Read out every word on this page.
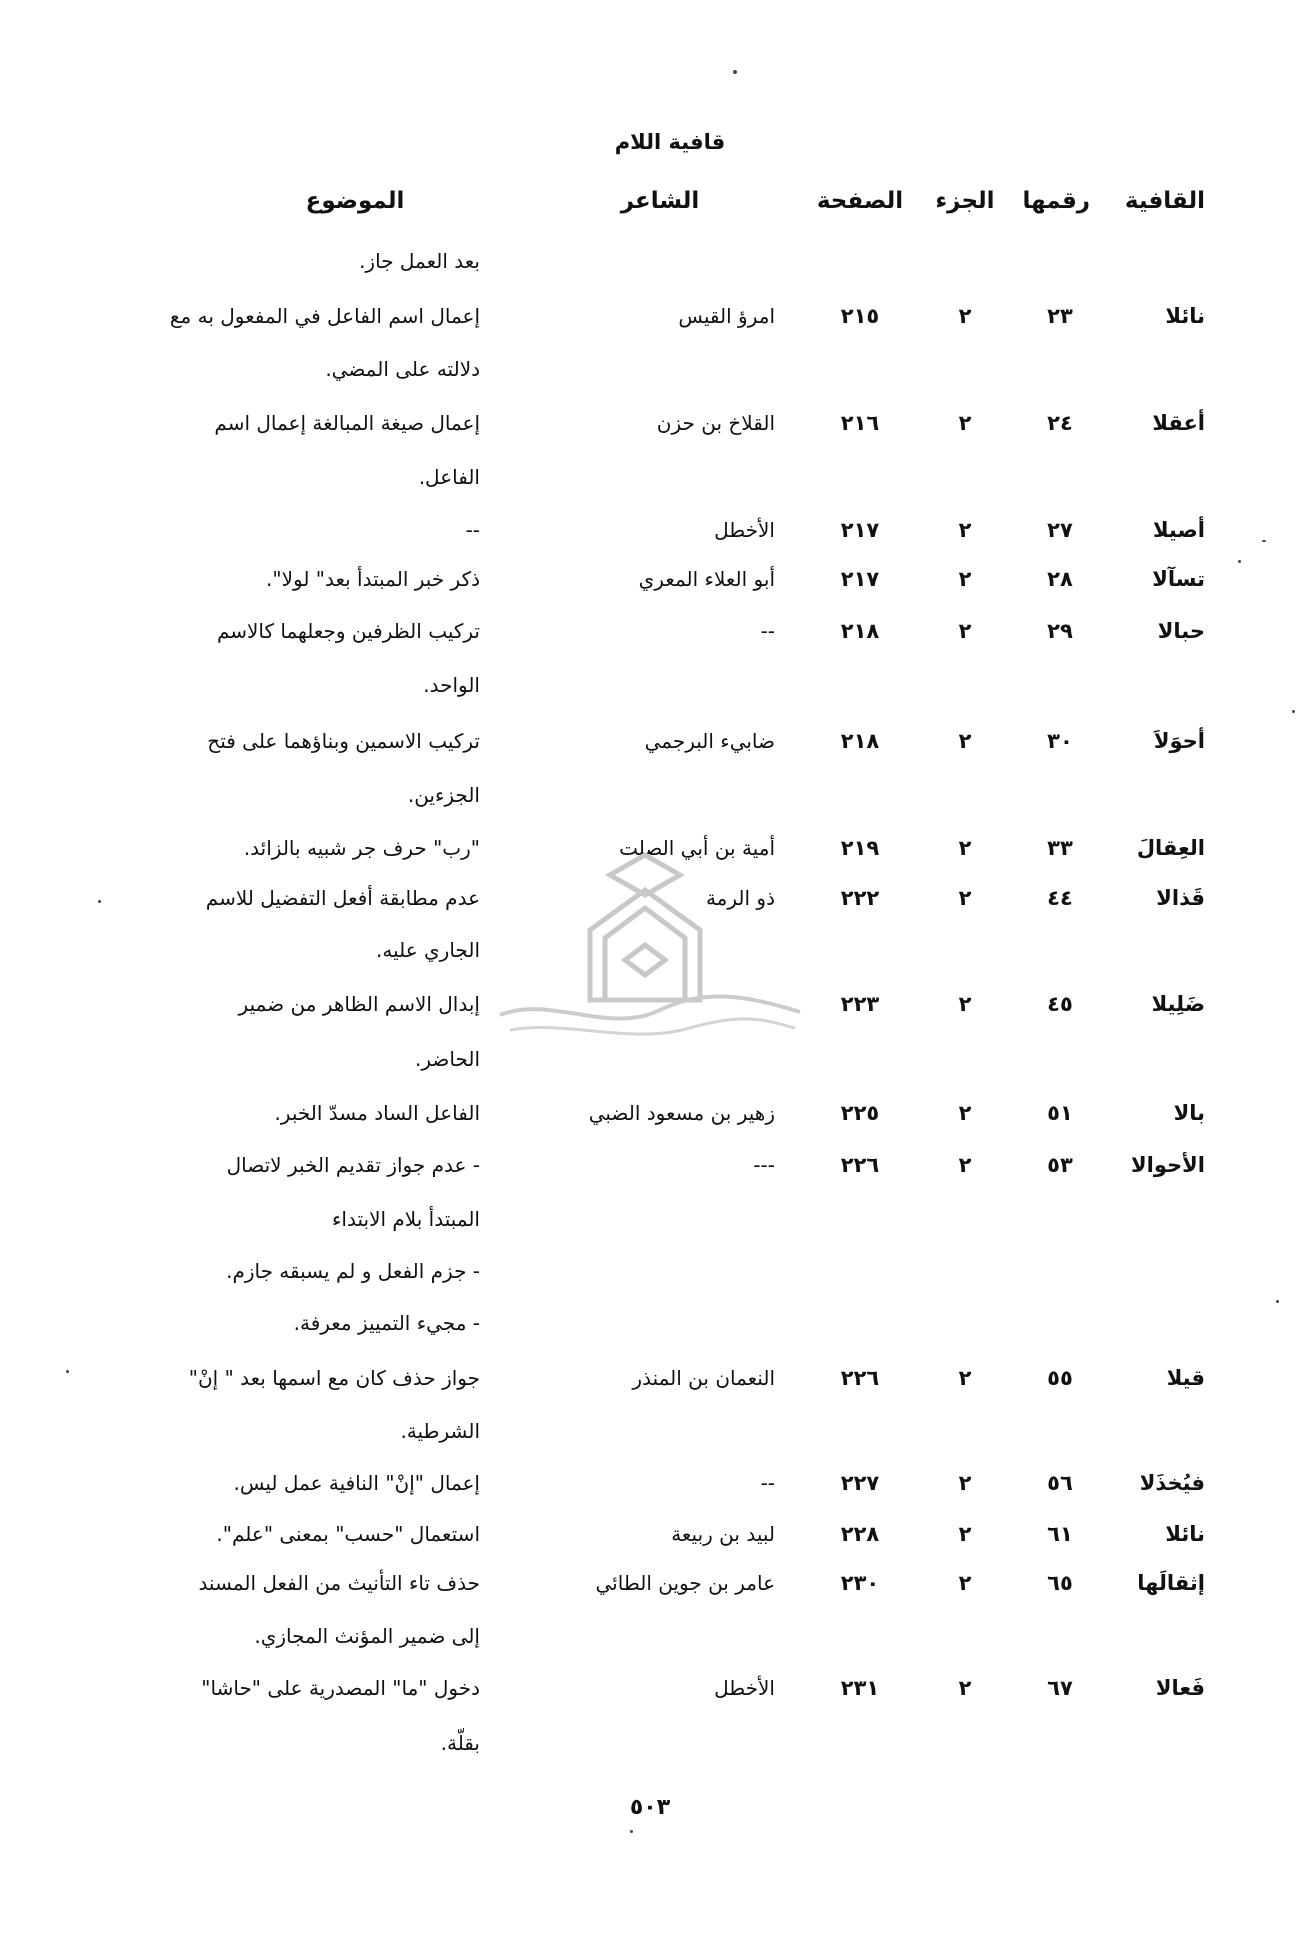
قافية اللام
القافية
رقمها
الجزء
الصفحة
الشاعر
الموضوع
بعد العمل جاز.
نائلا
٢٣
٢
٢١٥
امرؤ القيس
إعمال اسم الفاعل في المفعول به مع
دلالته على المضي.
أعقلا
٢٤
٢
٢١٦
القلاخ بن حزن
إعمال صيغة المبالغة إعمال اسم
الفاعل.
أصيلا
٢٧
٢
٢١٧
الأخطل
--
تسآلا
٢٨
٢
٢١٧
أبو العلاء المعري
ذكر خبر المبتدأ بعد" لولا".
حبالا
٢٩
٢
٢١٨
--
تركيب الظرفين وجعلهما كالاسم
الواحد.
أحوَلاَ
٣٠
٢
٢١٨
ضابيء البرجمي
تركيب الاسمين وبناؤهما على فتح
الجزءين.
العِقالَ
٣٣
٢
٢١٩
أمية بن أبي الصلت
"رب" حرف جر شبيه بالزائد.
قَذالا
٤٤
٢
٢٢٢
ذو الرمة
عدم مطابقة أفعل التفضيل للاسم
الجاري عليه.
ضَلِيلا
٤٥
٢
٢٢٣
إبدال الاسم الظاهر من ضمير
الحاضر.
بالا
٥١
٢
٢٢٥
زهير بن مسعود الضبي
الفاعل الساد مسدّ الخبر.
الأحوالا
٥٣
٢
٢٢٦
---
- عدم جواز تقديم الخبر لاتصال
المبتدأ بلام الابتداء
- جزم الفعل و لم يسبقه جازم.
- مجيء التمييز معرفة.
قيلا
٥٥
٢
٢٢٦
النعمان بن المنذر
جواز حذف كان مع اسمها بعد " إنْ"
الشرطية.
فيُخذَلا
٥٦
٢
٢٢٧
--
إعمال "إنْ" النافية عمل ليس.
نائلا
٦١
٢
٢٢٨
لبيد بن ربيعة
استعمال "حسب" بمعنى "علم".
إثقالَها
٦٥
٢
٢٣٠
عامر بن جوين الطائي
حذف تاء التأنيث من الفعل المسند
إلى ضمير المؤنث المجازي.
فَعالا
٦٧
٢
٢٣١
الأخطل
دخول "ما" المصدرية على "حاشا"
بقلّة.
٥٠٣
